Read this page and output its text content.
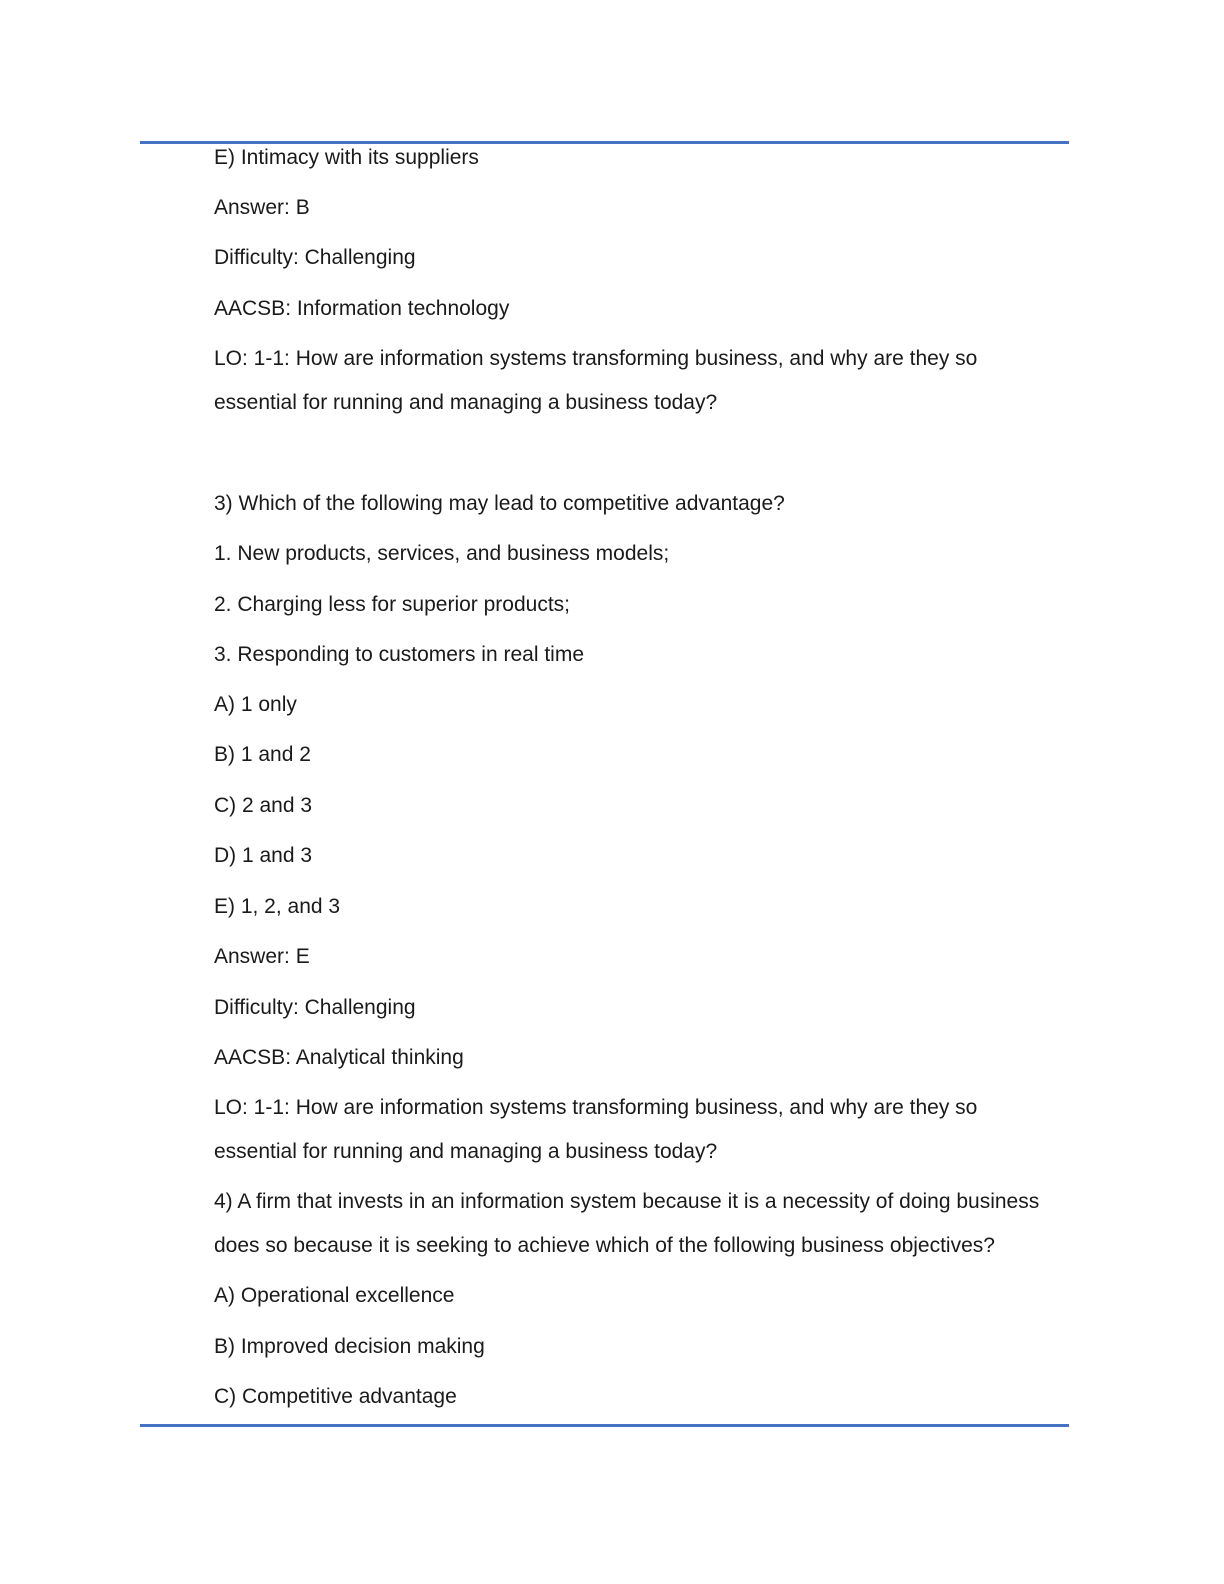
E) Intimacy with its suppliers
Answer: B
Difficulty: Challenging
AACSB: Information technology
LO: 1-1: How are information systems transforming business, and why are they so
essential for running and managing a business today?
3) Which of the following may lead to competitive advantage?
1. New products, services, and business models;
2. Charging less for superior products;
3. Responding to customers in real time
A) 1 only
B) 1 and 2
C) 2 and 3
D) 1 and 3
E) 1, 2, and 3
Answer: E
Difficulty: Challenging
AACSB: Analytical thinking
LO: 1-1: How are information systems transforming business, and why are they so
essential for running and managing a business today?
4) A firm that invests in an information system because it is a necessity of doing business
does so because it is seeking to achieve which of the following business objectives?
A) Operational excellence
B) Improved decision making
C) Competitive advantage
